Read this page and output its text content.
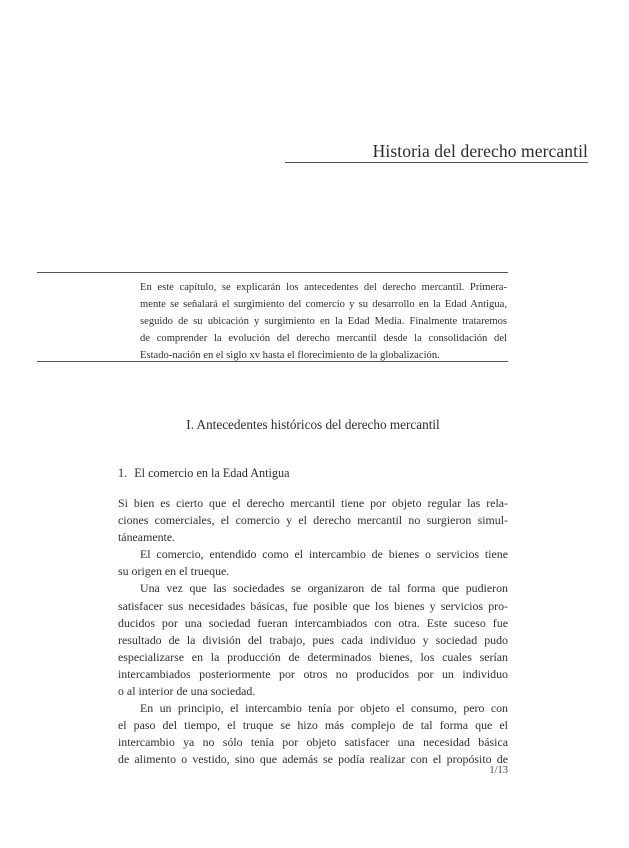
Historia del derecho mercantil
En este capítulo, se explicarán los antecedentes del derecho mercantil. Primera-
mente se señalará el surgimiento del comercio y su desarrollo en la Edad Antigua,
seguido de su ubicación y surgimiento en la Edad Media. Finalmente trataremos
de comprender la evolución del derecho mercantil desde la consolidación del
Estado-nación en el siglo xv hasta el florecimiento de la globalización.
I. Antecedentes históricos del derecho mercantil
1. El comercio en la Edad Antigua
Si bien es cierto que el derecho mercantil tiene por objeto regular las rela-
ciones comerciales, el comercio y el derecho mercantil no surgieron simul-
táneamente.
El comercio, entendido como el intercambio de bienes o servicios tiene
su origen en el trueque.
Una vez que las sociedades se organizaron de tal forma que pudieron
satisfacer sus necesidades básicas, fue posible que los bienes y servicios pro-
ducidos por una sociedad fueran intercambiados con otra. Este suceso fue
resultado de la división del trabajo, pues cada individuo y sociedad pudo
especializarse en la producción de determinados bienes, los cuales serían
intercambiados posteriormente por otros no producidos por un individuo
o al interior de una sociedad.
En un principio, el intercambio tenía por objeto el consumo, pero con
el paso del tiempo, el truque se hizo más complejo de tal forma que el
intercambio ya no sólo tenía por objeto satisfacer una necesidad básica
de alimento o vestido, sino que además se podía realizar con el propósito de
1/13
